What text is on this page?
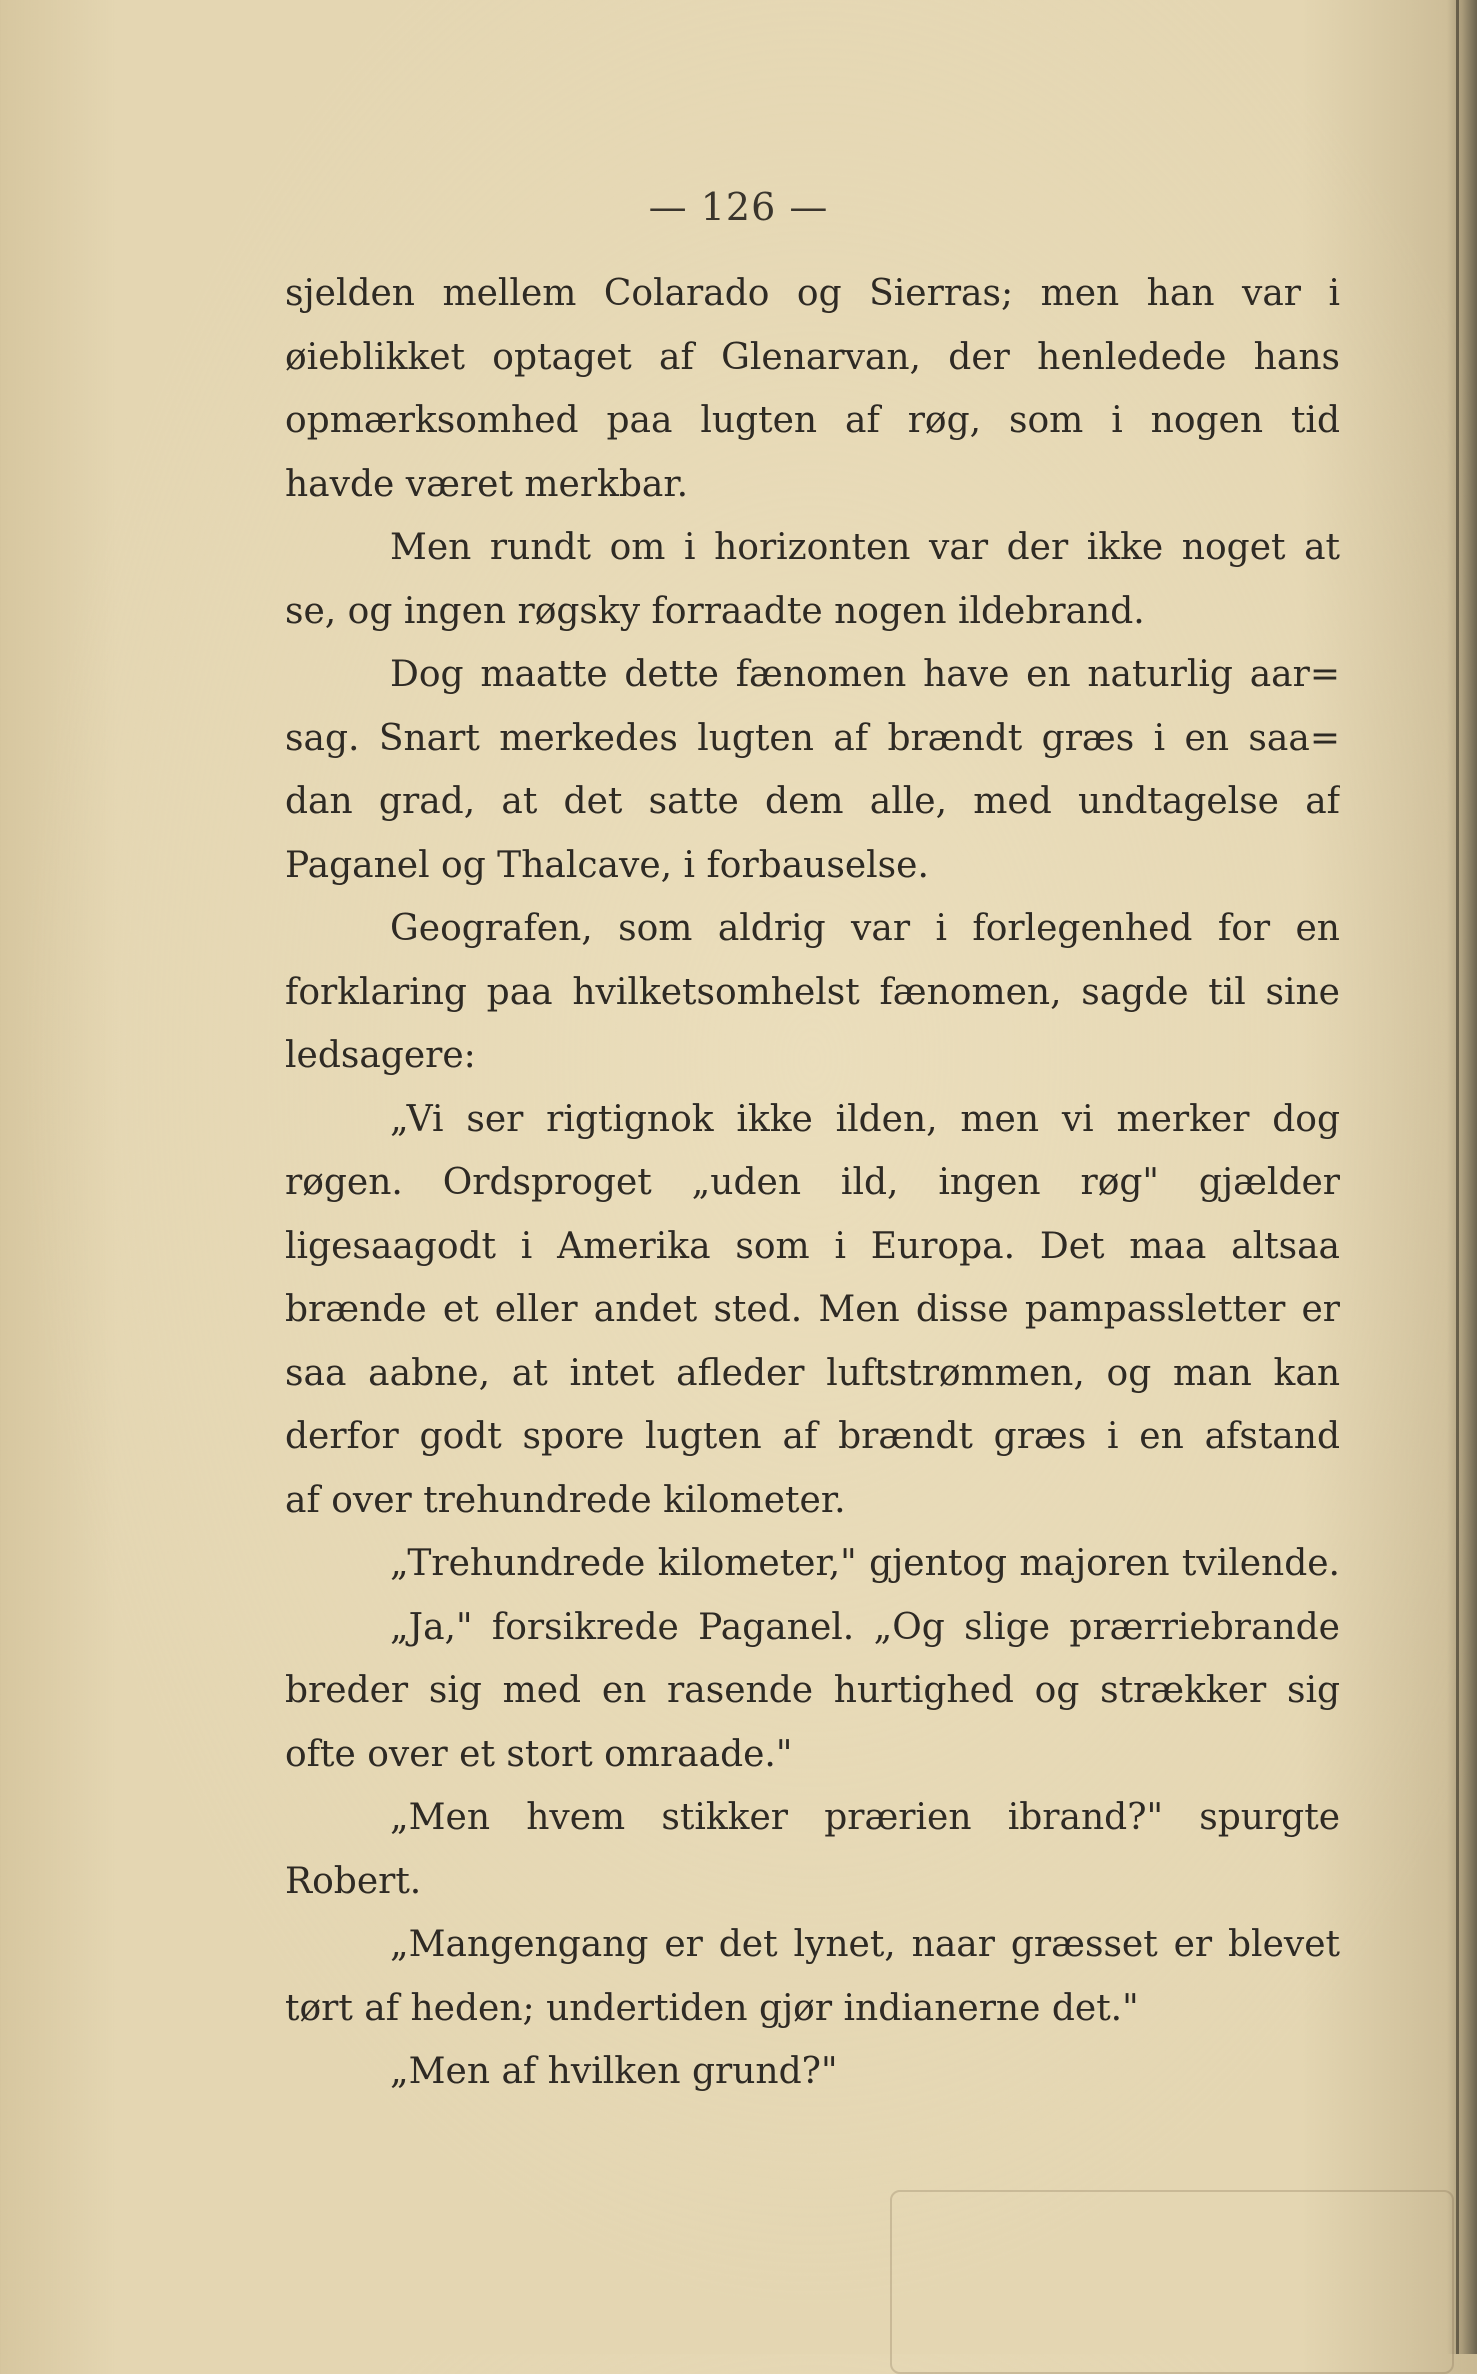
— 126 —
sjelden mellem Colarado og Sierras; men han var i
øieblikket optaget af Glenarvan, der henledede hans
opmærksomhed paa lugten af røg, som i nogen tid
havde været merkbar.
Men rundt om i horizonten var der ikke noget at
se, og ingen røgsky forraadte nogen ildebrand.
Dog maatte dette fænomen have en naturlig aar=
sag. Snart merkedes lugten af brændt græs i en saa=
dan grad, at det satte dem alle, med undtagelse af
Paganel og Thalcave, i forbauselse.
Geografen, som aldrig var i forlegenhed for en
forklaring paa hvilketsomhelst fænomen, sagde til sine
ledsagere:
„Vi ser rigtignok ikke ilden, men vi merker dog
røgen. Ordsproget „uden ild, ingen røg" gjælder
ligesaagodt i Amerika som i Europa. Det maa altsaa
brænde et eller andet sted. Men disse pampassletter er
saa aabne, at intet afleder luftstrømmen, og man kan
derfor godt spore lugten af brændt græs i en afstand
af over trehundrede kilometer.
„Trehundrede kilometer," gjentog majoren tvilende.
„Ja," forsikrede Paganel. „Og slige prærriebrande
breder sig med en rasende hurtighed og strækker sig
ofte over et stort omraade."
„Men hvem stikker prærien ibrand?" spurgte
Robert.
„Mangengang er det lynet, naar græsset er blevet
tørt af heden; undertiden gjør indianerne det."
„Men af hvilken grund?"
